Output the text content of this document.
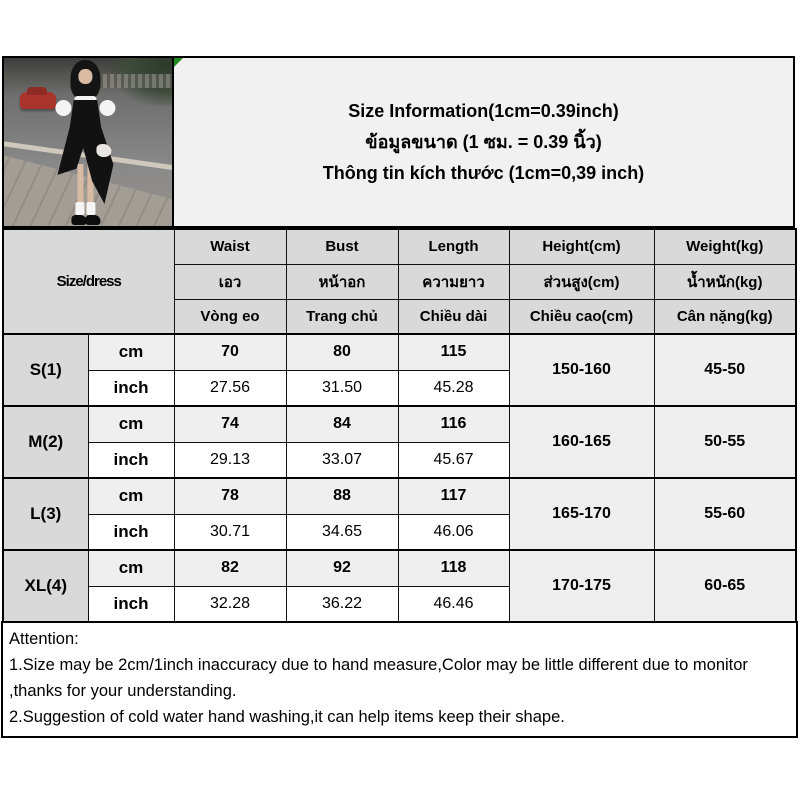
Size Information(1cm=0.39inch)
ข้อมูลขนาด (1 ซม. = 0.39 นิ้ว)
Thông tin kích thước (1cm=0,39 inch)
Size/dress		Waist	Bust	Length	Height(cm)	Weight(kg)
		เอว	หน้าอก	ความยาว	ส่วนสูง(cm)	น้ำหนัก(kg)
		Vòng eo	Trang chủ	Chiều dài	Chiều cao(cm)	Cân nặng(kg)
S(1)	cm	70	80	115	150-160	45-50
	inch	27.56	31.50	45.28		
M(2)	cm	74	84	116	160-165	50-55
	inch	29.13	33.07	45.67		
L(3)	cm	78	88	117	165-170	55-60
	inch	30.71	34.65	46.06		
XL(4)	cm	82	92	118	170-175	60-65
	inch	32.28	36.22	46.46		

Attention:

1.Size may be 2cm/1inch inaccuracy due to hand measure,Color may be little different due to monitor ,thanks for your understanding.

2.Suggestion of cold water hand washing,it can help items keep their shape.
